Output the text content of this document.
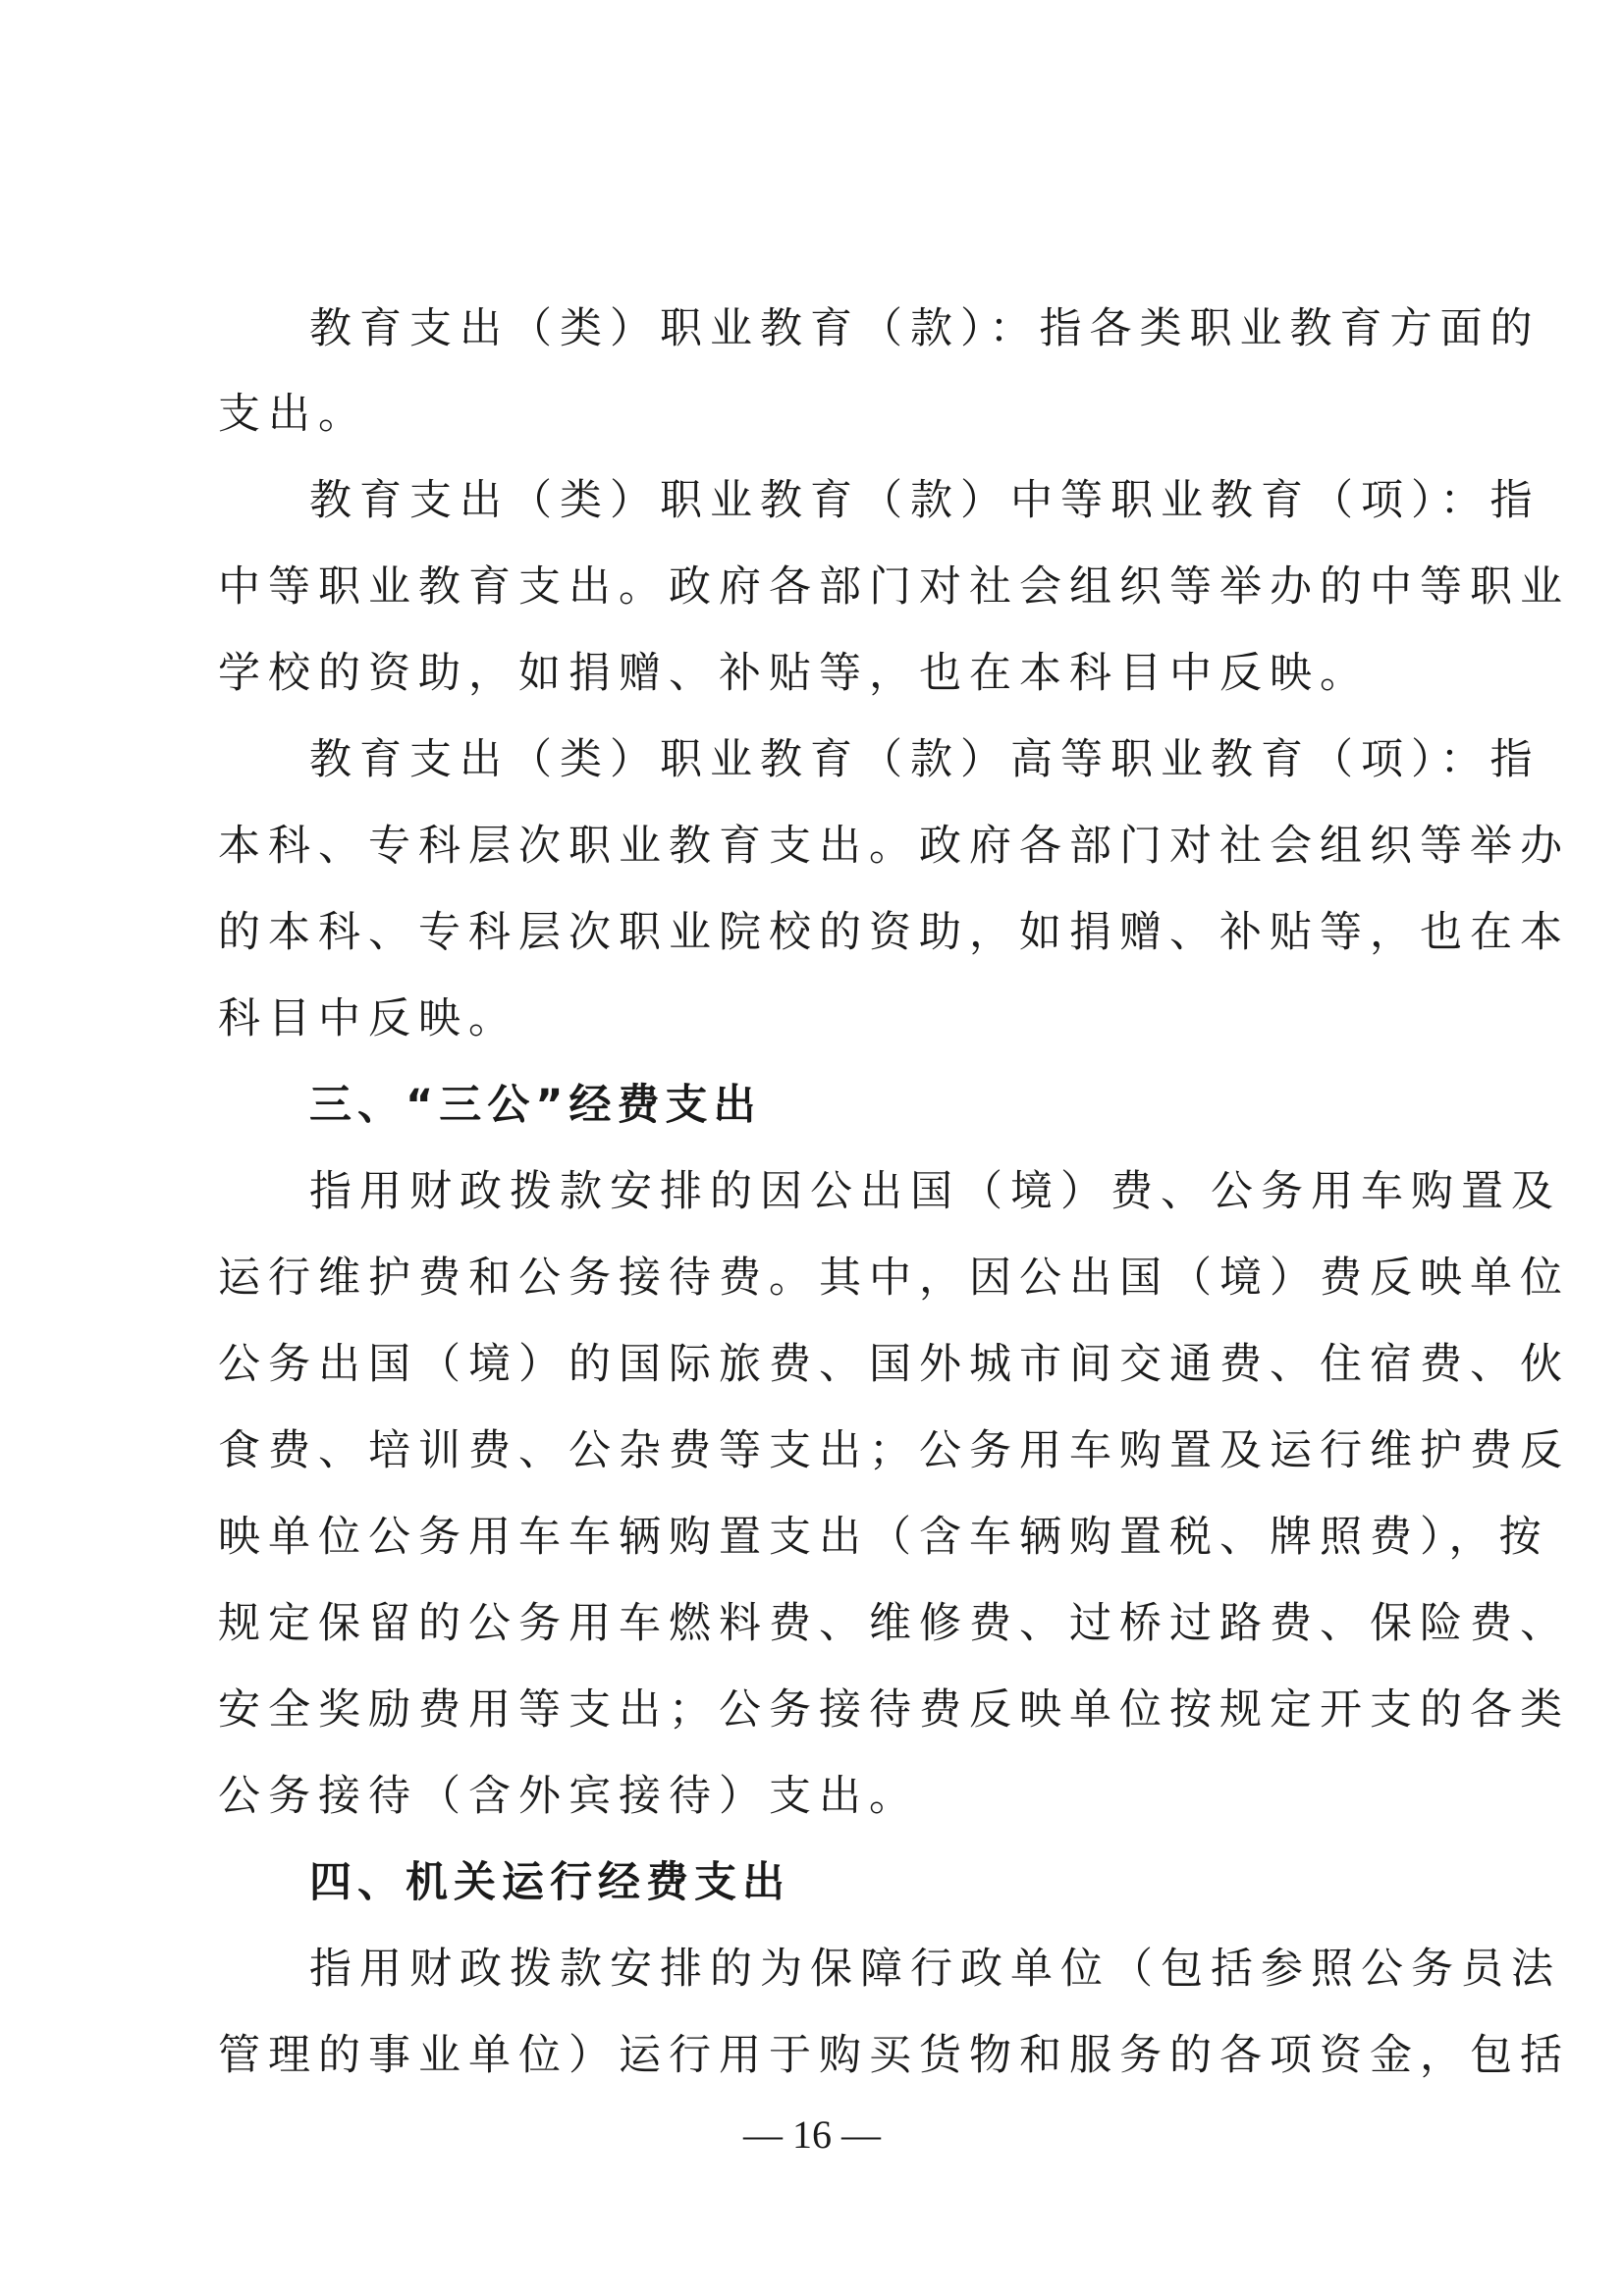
教育支出（类）职业教育（款）：指各类职业教育方面的
支出。
教育支出（类）职业教育（款）中等职业教育（项）：指
中等职业教育支出。政府各部门对社会组织等举办的中等职业
学校的资助，如捐赠、补贴等，也在本科目中反映。
教育支出（类）职业教育（款）高等职业教育（项）：指
本科、专科层次职业教育支出。政府各部门对社会组织等举办
的本科、专科层次职业院校的资助，如捐赠、补贴等，也在本
科目中反映。
三、“三公”经费支出
指用财政拨款安排的因公出国（境）费、公务用车购置及
运行维护费和公务接待费。其中，因公出国（境）费反映单位
公务出国（境）的国际旅费、国外城市间交通费、住宿费、伙
食费、培训费、公杂费等支出；公务用车购置及运行维护费反
映单位公务用车车辆购置支出（含车辆购置税、牌照费），按
规定保留的公务用车燃料费、维修费、过桥过路费、保险费、
安全奖励费用等支出；公务接待费反映单位按规定开支的各类
公务接待（含外宾接待）支出。
四、机关运行经费支出
指用财政拨款安排的为保障行政单位（包括参照公务员法
管理的事业单位）运行用于购买货物和服务的各项资金，包括
— 16 —
